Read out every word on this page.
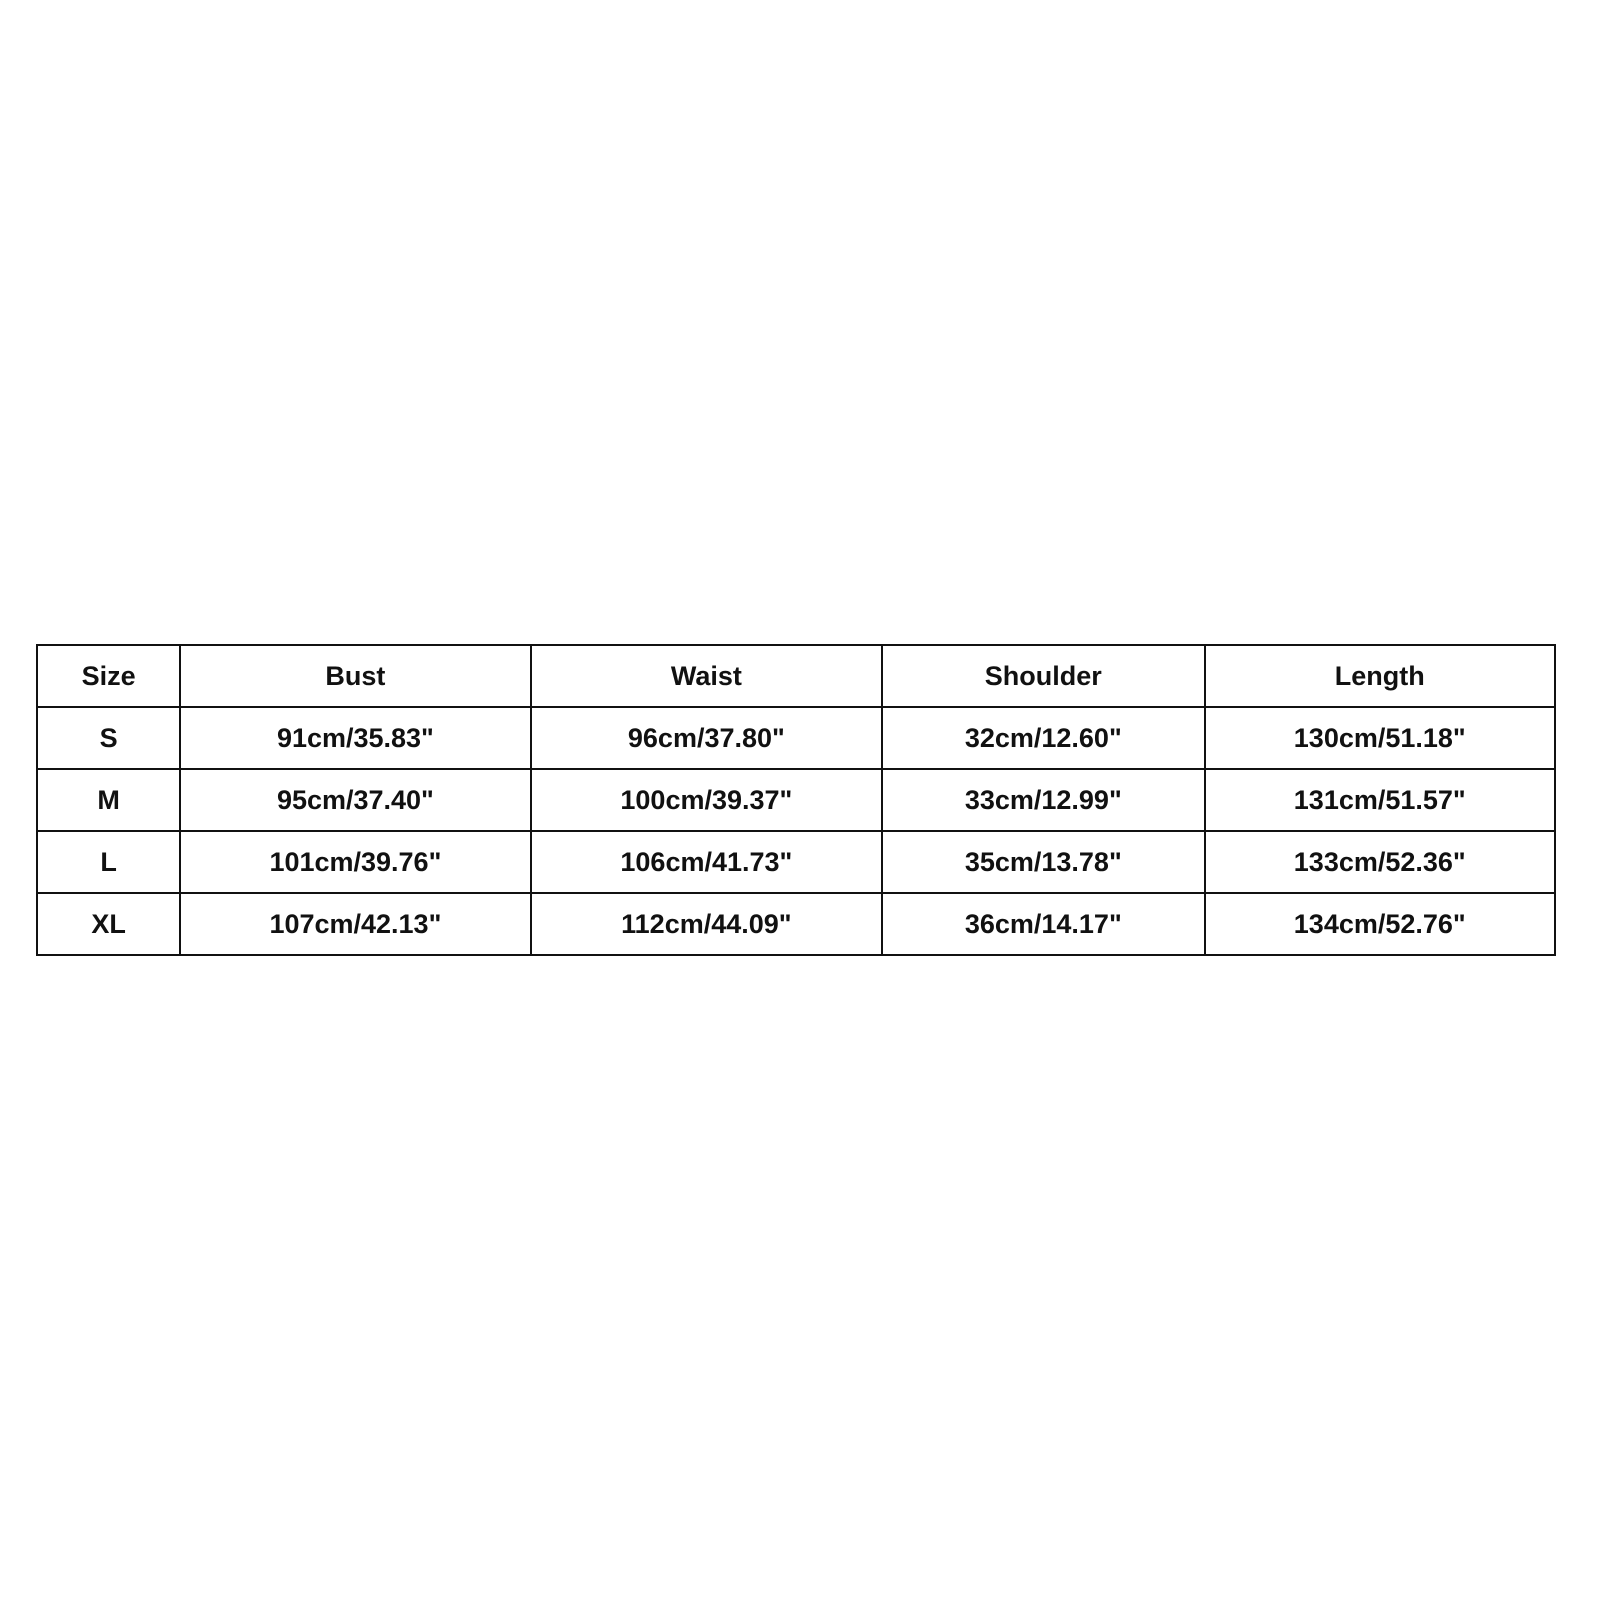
Size	Bust	Waist	Shoulder	Length
S	91cm/35.83"	96cm/37.80"	32cm/12.60"	130cm/51.18"
M	95cm/37.40"	100cm/39.37"	33cm/12.99"	131cm/51.57"
L	101cm/39.76"	106cm/41.73"	35cm/13.78"	133cm/52.36"
XL	107cm/42.13"	112cm/44.09"	36cm/14.17"	134cm/52.76"
